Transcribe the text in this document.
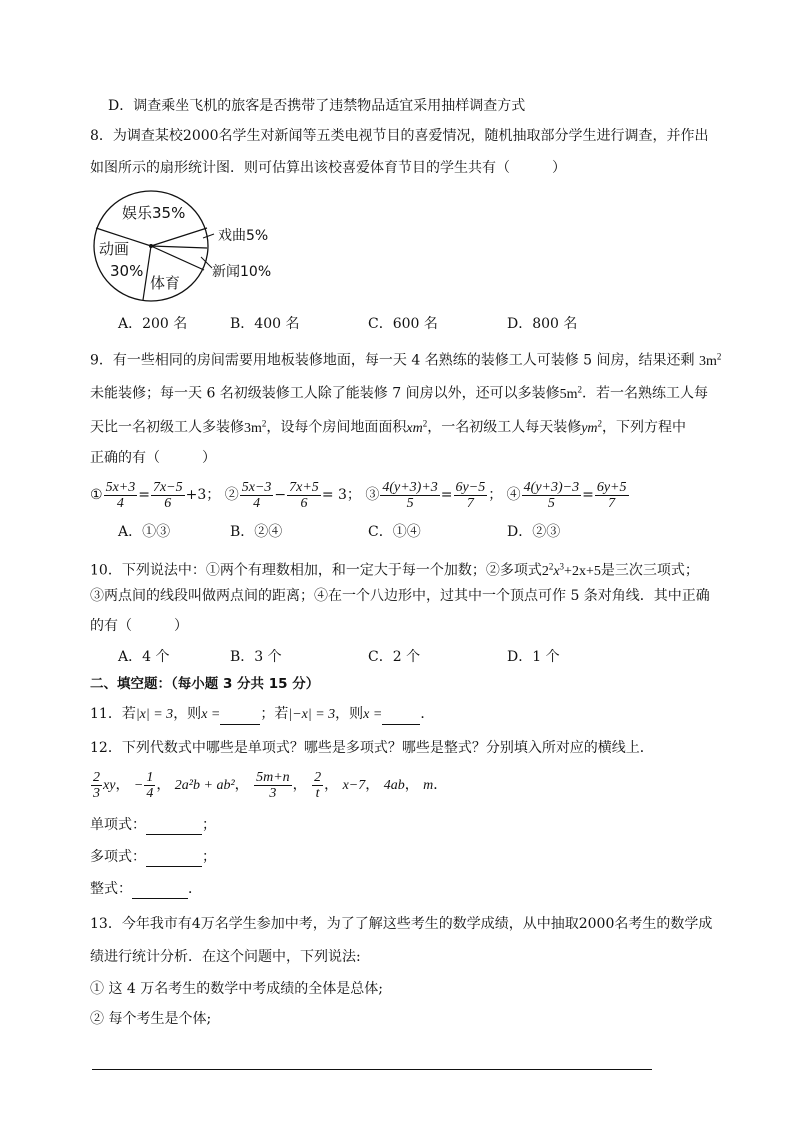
D．调查乘坐飞机的旅客是否携带了违禁物品适宜采用抽样调查方式
8．为调查某校2000名学生对新闻等五类电视节目的喜爱情况，随机抽取部分学生进行调查，并作出
如图所示的扇形统计图．则可估算出该校喜爱体育节目的学生共有（　　　）
娱乐35%
戏曲5%
动画
30%
体育
新闻10%
A．200 名	B．400 名	C．600 名	D．800 名
9．有一些相同的房间需要用地板装修地面，每一天 4 名熟练的装修工人可装修 5 间房，结果还剩 $3m^2$
未能装修；每一天 6 名初级装修工人除了能装修 7 间房以外，还可以多装修$5m^2$．若一名熟练工人每
天比一名初级工人多装修$3m^2$，设每个房间地面面积$xm^2$，一名初级工人每天装修$ym^2$，下列方程中
正确的有（　　　）
① $\frac{5x+3}{4} = \frac{7x-5}{6} +3$； ② $\frac{5x-3}{4} - \frac{7x+5}{6} = 3$； ③ $\frac{4(y+3)+3}{5} = \frac{6y-5}{7}$ ； ④ $\frac{4(y+3)-3}{5} = \frac{6y+5}{7}$
A．①③	B．②④	C．①④	D．②③
10．下列说法中：①两个有理数相加，和一定大于每一个加数；②多项式$2^2x^3+2x+5$是三次三项式；
③两点间的线段叫做两点间的距离；④在一个八边形中，过其中一个顶点可作 5 条对角线．其中正确
的有（　　　）
A．4 个	B．3 个	C．2 个	D．1 个
二、填空题：（每小题 3 分共 15 分）
11．若|x| = 3，则x =	；若|−x| = 3，则x =	．
12．下列代数式中哪些是单项式？哪些是多项式？哪些是整式？分别填入所对应的横线上．
$\frac{2}{3}$ xy， − $\frac{1}{4}$ ， 2a²b + ab²， $\frac{5m+n}{3}$ ， $\frac{2}{t}$ ， x−7， 4ab， m．
单项式：	；
多项式：	；
整式：	．
13．今年我市有4万名学生参加中考，为了了解这些考生的数学成绩，从中抽取2000名考生的数学成
绩进行统计分析．在这个问题中，下列说法:
① 这 4 万名考生的数学中考成绩的全体是总体;
② 每个考生是个体;
